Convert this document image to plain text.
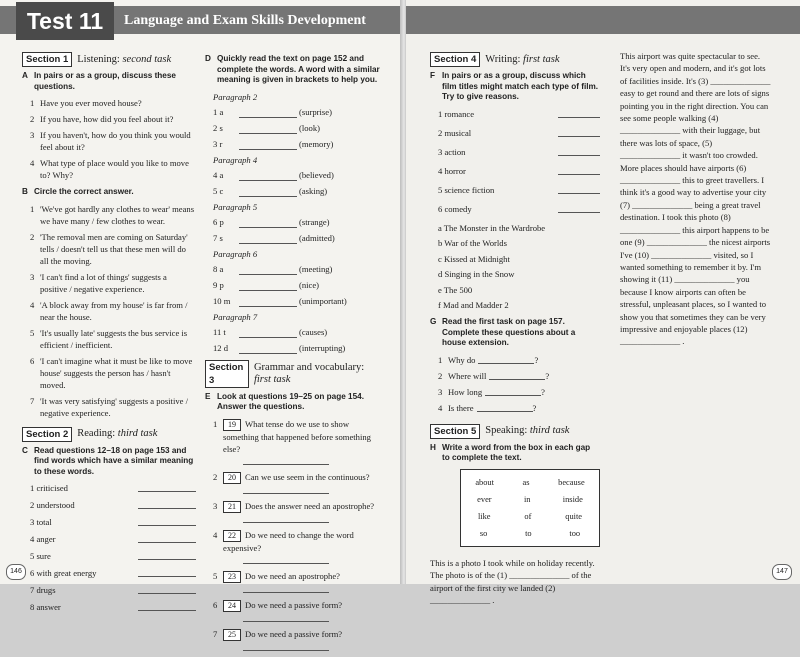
Test 11	Language and Exam Skills Development
Section 1 Listening: second task
A In pairs or as a group, discuss these questions.
1 Have you ever moved house?
2 If you have, how did you feel about it?
3 If you haven't, how do you think you would feel about it?
4 What type of place would you like to move to? Why?
B Circle the correct answer.
1 'We've got hardly any clothes to wear' means we have many / few clothes to wear.
2 'The removal men are coming on Saturday' tells / doesn't tell us that these men will do all the moving.
3 'I can't find a lot of things' suggests a positive / negative experience.
4 'A block away from my house' is far from / near the house.
5 'It's usually late' suggests the bus service is efficient / inefficient.
6 'I can't imagine what it must be like to move house' suggests the person has / hasn't moved.
7 'It was very satisfying' suggests a positive / negative experience.
Section 2 Reading: third task
C Read questions 12–18 on page 153 and find words which have a similar meaning to these words.
1 criticised
2 understood
3 total
4 anger
5 sure
6 with great energy
7 drugs
8 answer
D Quickly read the text on page 152 and complete the words. A word with a similar meaning is given in brackets to help you.
Paragraph 2
1 a	(surprise)
2 s	(look)
3 r	(memory)
Paragraph 4
4 a	(believed)
5 c	(asking)
Paragraph 5
6 p	(strange)
7 s	(admitted)
Paragraph 6
8 a	(meeting)
9 p	(nice)
10 m	(unimportant)
Paragraph 7
11 t	(causes)
12 d	(interrupting)
Section 3
Grammar and vocabulary: first task
E Look at questions 19–25 on page 154. Answer the questions.
1	19 What tense do we use to show something that happened before something else?
2	20 Can we use seem in the continuous?
3	21 Does the answer need an apostrophe?
4	22 Do we need to change the word expensive?
5	23 Do we need an apostrophe?
6	24 Do we need a passive form?
7	25 Do we need a passive form?
146
Section 4 Writing: first task
F In pairs or as a group, discuss which film titles might match each type of film. Try to give reasons.
1 romance
2 musical
3 action
4 horror
5 science fiction
6 comedy
a The Monster in the Wardrobe
b War of the Worlds
c Kissed at Midnight
d Singing in the Snow
e The 500
f Mad and Madder 2
G Read the first task on page 157. Complete these questions about a house extension.
1 Why do	?
2 Where will	?
3 How long	?
4 Is there	?
Section 5 Speaking: third task
H Write a word from the box in each gap to complete the text.
about	as	because
ever	in	inside
like	of	quite
so	to	too
This is a photo I took while on holiday recently. The photo is of the (1) ______________ of the airport of the first city we landed (2) ______________ .
This airport was quite spectacular to see. It's very open and modern, and it's got lots of facilities inside. It's (3) ______________ easy to get round and there are lots of signs pointing you in the right direction. You can see some people walking (4) ______________ with their luggage, but there was lots of space, (5) ______________ it wasn't too crowded. More places should have airports (6) ______________ this to greet travellers. I think it's a good way to advertise your city (7) ______________ being a great travel destination. I took this photo (8) ______________ this airport happens to be one (9) ______________ the nicest airports I've (10) ______________ visited, so I wanted something to remember it by. I'm showing it (11) ______________ you because I know airports can often be stressful, unpleasant places, so I wanted to show you that sometimes they can be very impressive and enjoyable places (12) ______________ .
147
